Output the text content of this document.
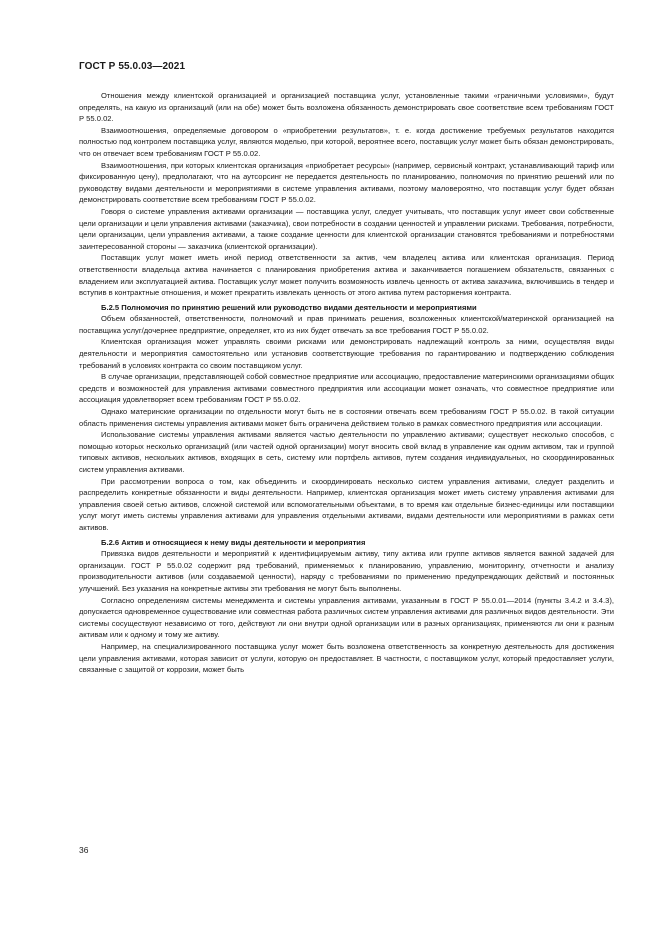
ГОСТ Р 55.0.03—2021

Отношения между клиентской организацией и организацией поставщика услуг, установленные такими «граничными условиями», будут определять, на какую из организаций (или на обе) может быть возложена обязанность демонстрировать свое соответствие всем требованиям ГОСТ Р 55.0.02.

Взаимоотношения, определяемые договором о «приобретении результатов», т. е. когда достижение требуемых результатов находится полностью под контролем поставщика услуг, являются моделью, при которой, вероятнее всего, поставщик услуг может быть обязан демонстрировать, что он отвечает всем требованиям ГОСТ Р 55.0.02.

Взаимоотношения, при которых клиентская организация «приобретает ресурсы» (например, сервисный контракт, устанавливающий тариф или фиксированную цену), предполагают, что на аутсорсинг не передается деятельность по планированию, полномочия по принятию решений или по руководству видами деятельности и мероприятиями в системе управления активами, поэтому маловероятно, что поставщик услуг будет обязан демонстрировать соответствие всем требованиям ГОСТ Р 55.0.02.

Говоря о системе управления активами организации — поставщика услуг, следует учитывать, что поставщик услуг имеет свои собственные цели организации и цели управления активами (заказчика), свои потребности в создании ценностей и управлении рисками. Требования, потребности, цели организации, цели управления активами, а также создание ценности для клиентской организации становятся требованиями и потребностями заинтересованной стороны — заказчика (клиентской организации).

Поставщик услуг может иметь иной период ответственности за актив, чем владелец актива или клиентская организация. Период ответственности владельца актива начинается с планирования приобретения актива и заканчивается погашением обязательств, связанных с владением или эксплуатацией актива. Поставщик услуг может получить возможность извлечь ценность от актива заказчика, включившись в тендер и вступив в контрактные отношения, и может прекратить извлекать ценность от этого актива путем расторжения контракта.

Б.2.5 Полномочия по принятию решений или руководство видами деятельности и мероприятиями

Объем обязанностей, ответственности, полномочий и прав принимать решения, возложенных клиентской/материнской организацией на поставщика услуг/дочернее предприятие, определяет, кто из них будет отвечать за все требования ГОСТ Р 55.0.02.

Клиентская организация может управлять своими рисками или демонстрировать надлежащий контроль за ними, осуществляя виды деятельности и мероприятия самостоятельно или установив соответствующие требования по гарантированию и подтверждению соблюдения требований в условиях контракта со своим поставщиком услуг.

В случае организации, представляющей собой совместное предприятие или ассоциацию, предоставление материнскими организациями общих средств и возможностей для управления активами совместного предприятия или ассоциации может означать, что совместное предприятие или ассоциация удовлетворяет всем требованиям ГОСТ Р 55.0.02.

Однако материнские организации по отдельности могут быть не в состоянии отвечать всем требованиям ГОСТ Р 55.0.02. В такой ситуации область применения системы управления активами может быть ограничена действием только в рамках совместного предприятия или ассоциации.

Использование системы управления активами является частью деятельности по управлению активами; существует несколько способов, с помощью которых несколько организаций (или частей одной организации) могут вносить свой вклад в управление как одним активом, так и группой типовых активов, нескольких активов, входящих в сеть, систему или портфель активов, путем создания индивидуальных, но скоординированных систем управления активами.

При рассмотрении вопроса о том, как объединить и скоординировать несколько систем управления активами, следует разделить и распределить конкретные обязанности и виды деятельности. Например, клиентская организация может иметь систему управления активами для управления своей сетью активов, сложной системой или вспомогательными объектами, в то время как отдельные бизнес-единицы или поставщики услуг могут иметь системы управления активами для управления отдельными активами, видами деятельности или мероприятиями в рамках сети активов.

Б.2.6 Актив и относящиеся к нему виды деятельности и мероприятия

Привязка видов деятельности и мероприятий к идентифицируемым активу, типу актива или группе активов является важной задачей для организации. ГОСТ Р 55.0.02 содержит ряд требований, применяемых к планированию, управлению, мониторингу, отчетности и анализу производительности активов (или создаваемой ценности), наряду с требованиями по применению предупреждающих действий и постоянных улучшений. Без указания на конкретные активы эти требования не могут быть выполнены.

Согласно определениям системы менеджмента и системы управления активами, указанным в ГОСТ Р 55.0.01—2014 (пункты 3.4.2 и 3.4.3), допускается одновременное существование или совместная работа различных систем управления активами для различных видов деятельности. Эти системы сосуществуют независимо от того, действуют ли они внутри одной организации или в разных организациях, применяются ли они к разным активам или к одному и тому же активу.

Например, на специализированного поставщика услуг может быть возложена ответственность за конкретную деятельность для достижения цели управления активами, которая зависит от услуги, которую он предоставляет. В частности, с поставщиком услуг, который предоставляет услуги, связанные с защитой от коррозии, может быть

36
